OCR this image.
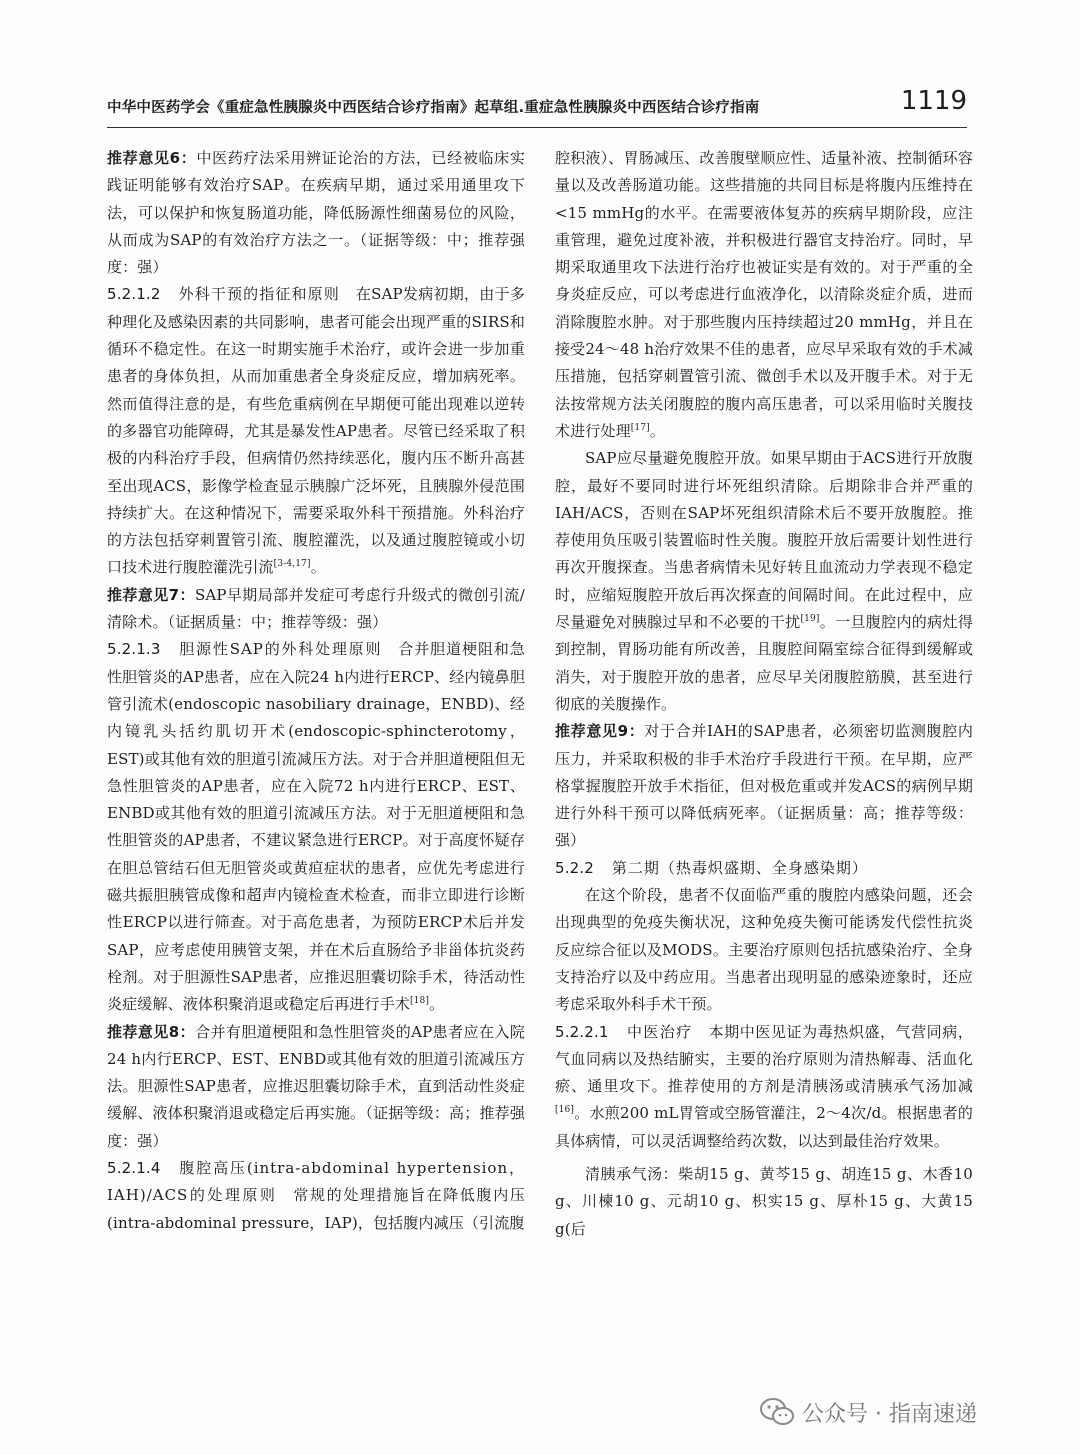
中华中医药学会《重症急性胰腺炎中西医结合诊疗指南》起草组.重症急性胰腺炎中西医结合诊疗指南	1119

推荐意见6：中医药疗法采用辨证论治的方法，已经被临床实践证明能够有效治疗SAP。在疾病早期，通过采用通里攻下法，可以保护和恢复肠道功能，降低肠源性细菌易位的风险，从而成为SAP的有效治疗方法之一。（证据等级：中；推荐强度：强）

5.2.1.2 外科干预的指征和原则 在SAP发病初期，由于多种理化及感染因素的共同影响，患者可能会出现严重的SIRS和循环不稳定性。在这一时期实施手术治疗，或许会进一步加重患者的身体负担，从而加重患者全身炎症反应，增加病死率。然而值得注意的是，有些危重病例在早期便可能出现难以逆转的多器官功能障碍，尤其是暴发性AP患者。尽管已经采取了积极的内科治疗手段，但病情仍然持续恶化，腹内压不断升高甚至出现ACS，影像学检查显示胰腺广泛坏死，且胰腺外侵范围持续扩大。在这种情况下，需要采取外科干预措施。外科治疗的方法包括穿刺置管引流、腹腔灌洗，以及通过腹腔镜或小切口技术进行腹腔灌洗引流[3-4,17]。

推荐意见7：SAP早期局部并发症可考虑行升级式的微创引流/清除术。（证据质量：中；推荐等级：强）

5.2.1.3 胆源性SAP的外科处理原则 合并胆道梗阻和急性胆管炎的AP患者，应在入院24 h内进行ERCP、经内镜鼻胆管引流术(endoscopic nasobiliary drainage，ENBD)、经内镜乳头括约肌切开术(endoscopic-sphincterotomy，EST)或其他有效的胆道引流减压方法。对于合并胆道梗阻但无急性胆管炎的AP患者，应在入院72 h内进行ERCP、EST、ENBD或其他有效的胆道引流减压方法。对于无胆道梗阻和急性胆管炎的AP患者，不建议紧急进行ERCP。对于高度怀疑存在胆总管结石但无胆管炎或黄疸症状的患者，应优先考虑进行磁共振胆胰管成像和超声内镜检查术检查，而非立即进行诊断性ERCP以进行筛查。对于高危患者，为预防ERCP术后并发SAP，应考虑使用胰管支架，并在术后直肠给予非甾体抗炎药栓剂。对于胆源性SAP患者，应推迟胆囊切除手术，待活动性炎症缓解、液体积聚消退或稳定后再进行手术[18]。

推荐意见8：合并有胆道梗阻和急性胆管炎的AP患者应在入院24 h内行ERCP、EST、ENBD或其他有效的胆道引流减压方法。胆源性SAP患者，应推迟胆囊切除手术，直到活动性炎症缓解、液体积聚消退或稳定后再实施。（证据等级：高；推荐强度：强）

5.2.1.4 腹腔高压(intra-abdominal hypertension，IAH)/ACS的处理原则 常规的处理措施旨在降低腹内压(intra-abdominal pressure，IAP)，包括腹内减压（引流腹

腔积液）、胃肠减压、改善腹壁顺应性、适量补液、控制循环容量以及改善肠道功能。这些措施的共同目标是将腹内压维持在<15 mmHg的水平。在需要液体复苏的疾病早期阶段，应注重管理，避免过度补液，并积极进行器官支持治疗。同时，早期采取通里攻下法进行治疗也被证实是有效的。对于严重的全身炎症反应，可以考虑进行血液净化，以清除炎症介质，进而消除腹腔水肿。对于那些腹内压持续超过20 mmHg，并且在接受24～48 h治疗效果不佳的患者，应尽早采取有效的手术减压措施，包括穿刺置管引流、微创手术以及开腹手术。对于无法按常规方法关闭腹腔的腹内高压患者，可以采用临时关腹技术进行处理[17]。

SAP应尽量避免腹腔开放。如果早期由于ACS进行开放腹腔，最好不要同时进行坏死组织清除。后期除非合并严重的IAH/ACS，否则在SAP坏死组织清除术后不要开放腹腔。推荐使用负压吸引装置临时性关腹。腹腔开放后需要计划性进行再次开腹探查。当患者病情未见好转且血流动力学表现不稳定时，应缩短腹腔开放后再次探查的间隔时间。在此过程中，应尽量避免对胰腺过早和不必要的干扰[19]。一旦腹腔内的病灶得到控制，胃肠功能有所改善，且腹腔间隔室综合征得到缓解或消失，对于腹腔开放的患者，应尽早关闭腹腔筋膜，甚至进行彻底的关腹操作。

推荐意见9：对于合并IAH的SAP患者，必须密切监测腹腔内压力，并采取积极的非手术治疗手段进行干预。在早期，应严格掌握腹腔开放手术指征，但对极危重或并发ACS的病例早期进行外科干预可以降低病死率。（证据质量：高；推荐等级：强）

5.2.2 第二期（热毒炽盛期、全身感染期）

在这个阶段，患者不仅面临严重的腹腔内感染问题，还会出现典型的免疫失衡状况，这种免疫失衡可能诱发代偿性抗炎反应综合征以及MODS。主要治疗原则包括抗感染治疗、全身支持治疗以及中药应用。当患者出现明显的感染迹象时，还应考虑采取外科手术干预。

5.2.2.1 中医治疗 本期中医见证为毒热炽盛，气营同病，气血同病以及热结腑实，主要的治疗原则为清热解毒、活血化瘀、通里攻下。推荐使用的方剂是清胰汤或清胰承气汤加减[16]。水煎200 mL胃管或空肠管灌注，2～4次/d。根据患者的具体病情，可以灵活调整给药次数，以达到最佳治疗效果。

清胰承气汤：柴胡15 g、黄芩15 g、胡连15 g、木香10 g、川楝10 g、元胡10 g、枳实15 g、厚朴15 g、大黄15 g(后

公众号 · 指南速递
